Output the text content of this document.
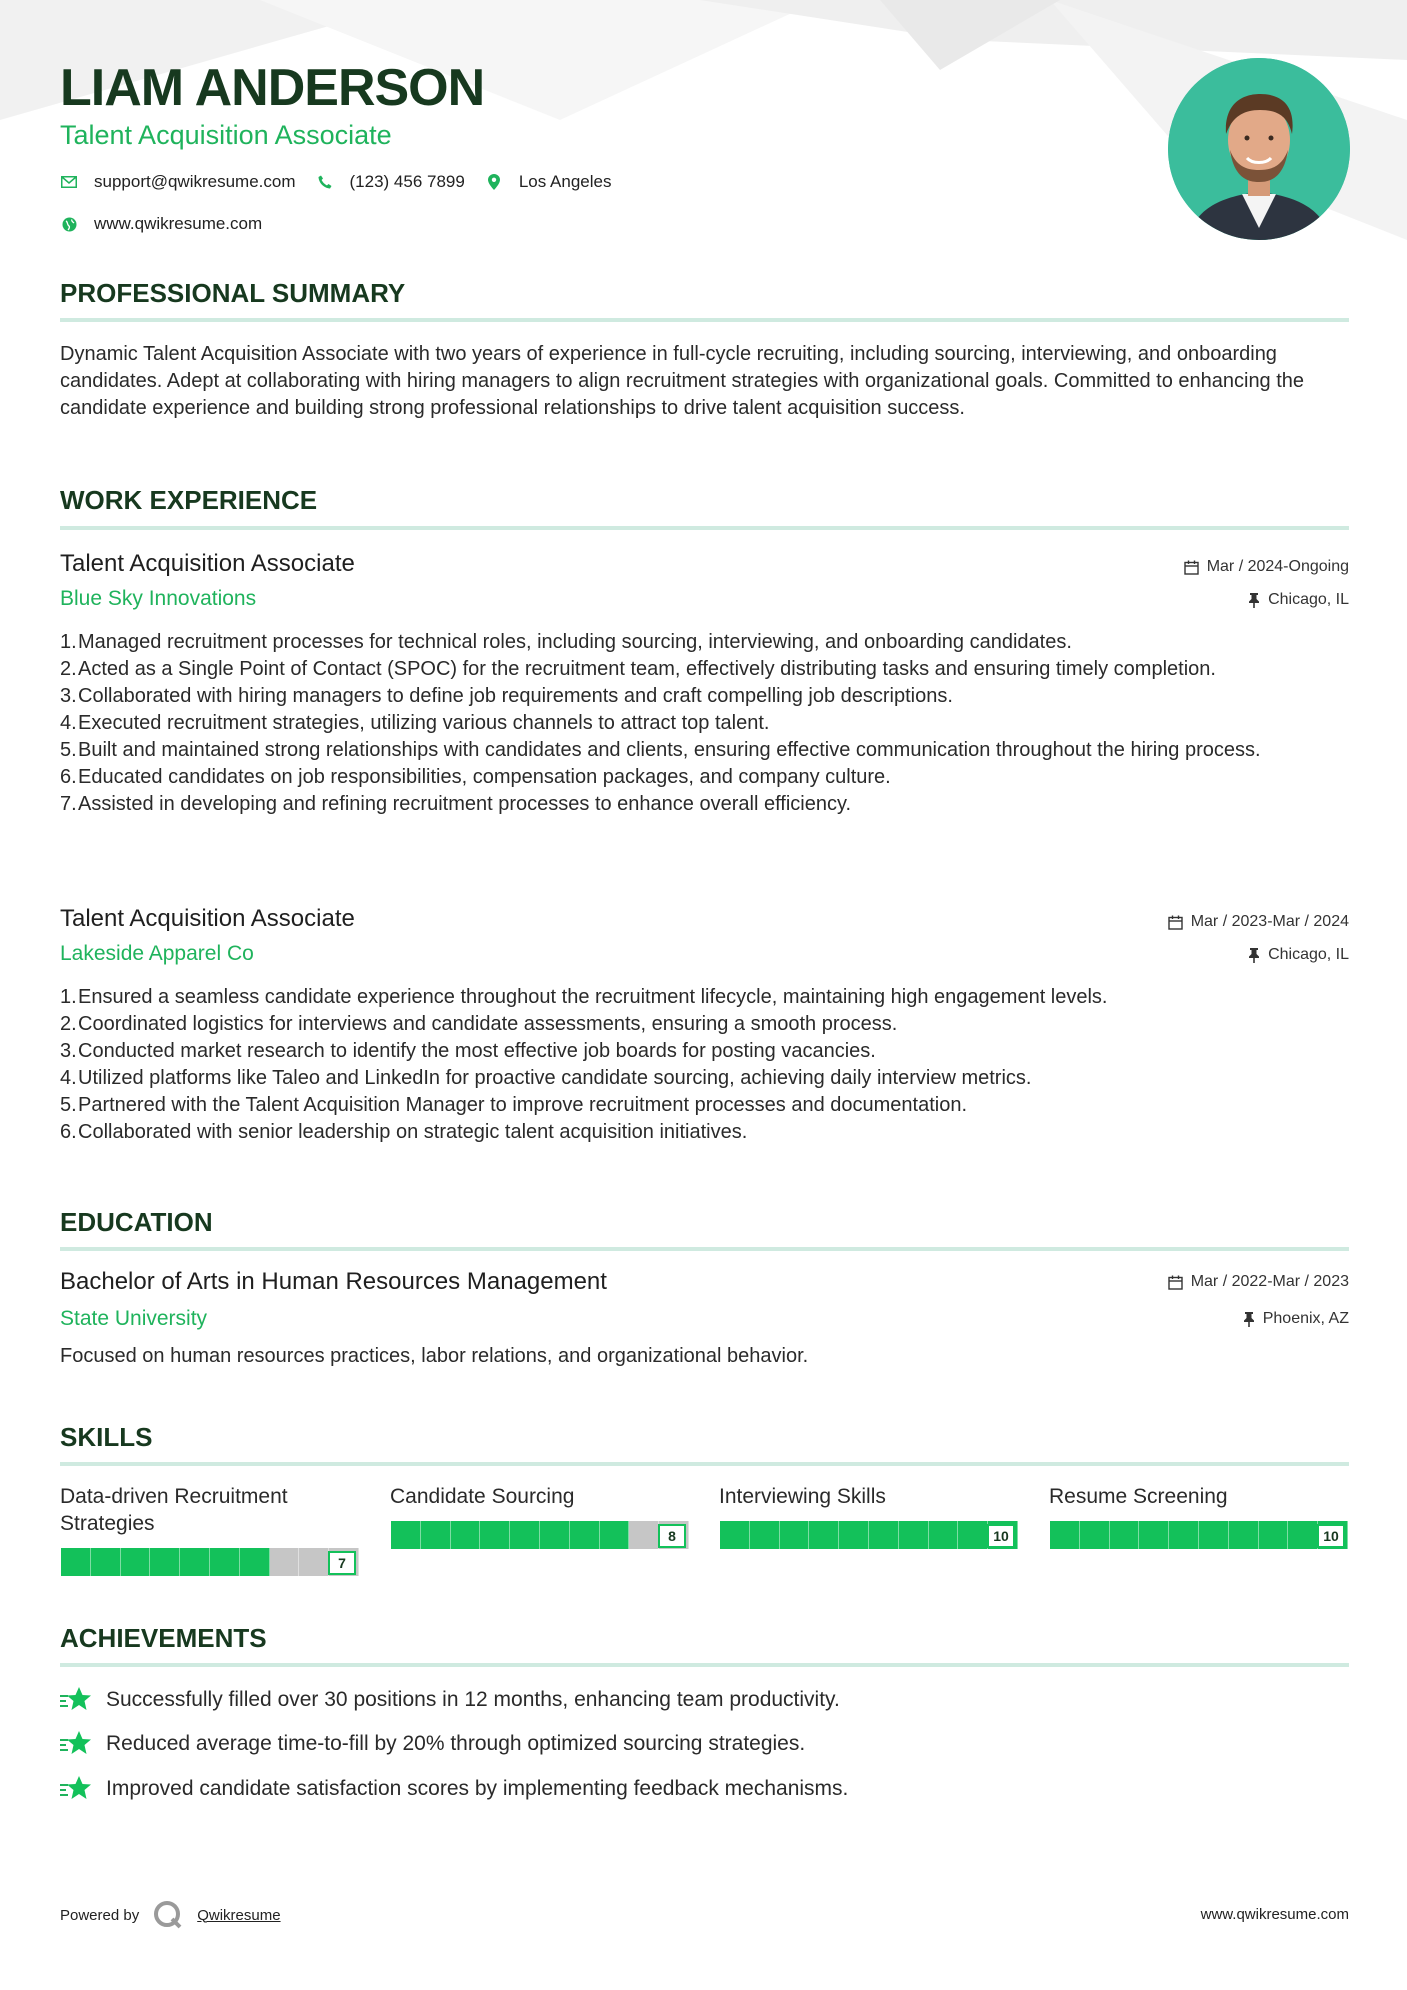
LIAM ANDERSON
Talent Acquisition Associate
support@qwikresume.com	(123) 456 7899	Los Angeles
www.qwikresume.com
PROFESSIONAL SUMMARY
Dynamic Talent Acquisition Associate with two years of experience in full-cycle recruiting, including sourcing, interviewing, and onboarding candidates. Adept at collaborating with hiring managers to align recruitment strategies with organizational goals. Committed to enhancing the candidate experience and building strong professional relationships to drive talent acquisition success.
WORK EXPERIENCE
Talent Acquisition Associate	Mar / 2024-Ongoing
Blue Sky Innovations	Chicago, IL
1. Managed recruitment processes for technical roles, including sourcing, interviewing, and onboarding candidates.
2. Acted as a Single Point of Contact (SPOC) for the recruitment team, effectively distributing tasks and ensuring timely completion.
3. Collaborated with hiring managers to define job requirements and craft compelling job descriptions.
4. Executed recruitment strategies, utilizing various channels to attract top talent.
5. Built and maintained strong relationships with candidates and clients, ensuring effective communication throughout the hiring process.
6. Educated candidates on job responsibilities, compensation packages, and company culture.
7. Assisted in developing and refining recruitment processes to enhance overall efficiency.
Talent Acquisition Associate	Mar / 2023-Mar / 2024
Lakeside Apparel Co	Chicago, IL
1. Ensured a seamless candidate experience throughout the recruitment lifecycle, maintaining high engagement levels.
2. Coordinated logistics for interviews and candidate assessments, ensuring a smooth process.
3. Conducted market research to identify the most effective job boards for posting vacancies.
4. Utilized platforms like Taleo and LinkedIn for proactive candidate sourcing, achieving daily interview metrics.
5. Partnered with the Talent Acquisition Manager to improve recruitment processes and documentation.
6. Collaborated with senior leadership on strategic talent acquisition initiatives.
EDUCATION
Bachelor of Arts in Human Resources Management	Mar / 2022-Mar / 2023
State University	Phoenix, AZ
Focused on human resources practices, labor relations, and organizational behavior.
SKILLS
Data-driven Recruitment Strategies
7
Candidate Sourcing
8
Interviewing Skills
10
Resume Screening
10
ACHIEVEMENTS
Successfully filled over 30 positions in 12 months, enhancing team productivity.
Reduced average time-to-fill by 20% through optimized sourcing strategies.
Improved candidate satisfaction scores by implementing feedback mechanisms.
Powered by	Qwikresume	www.qwikresume.com
